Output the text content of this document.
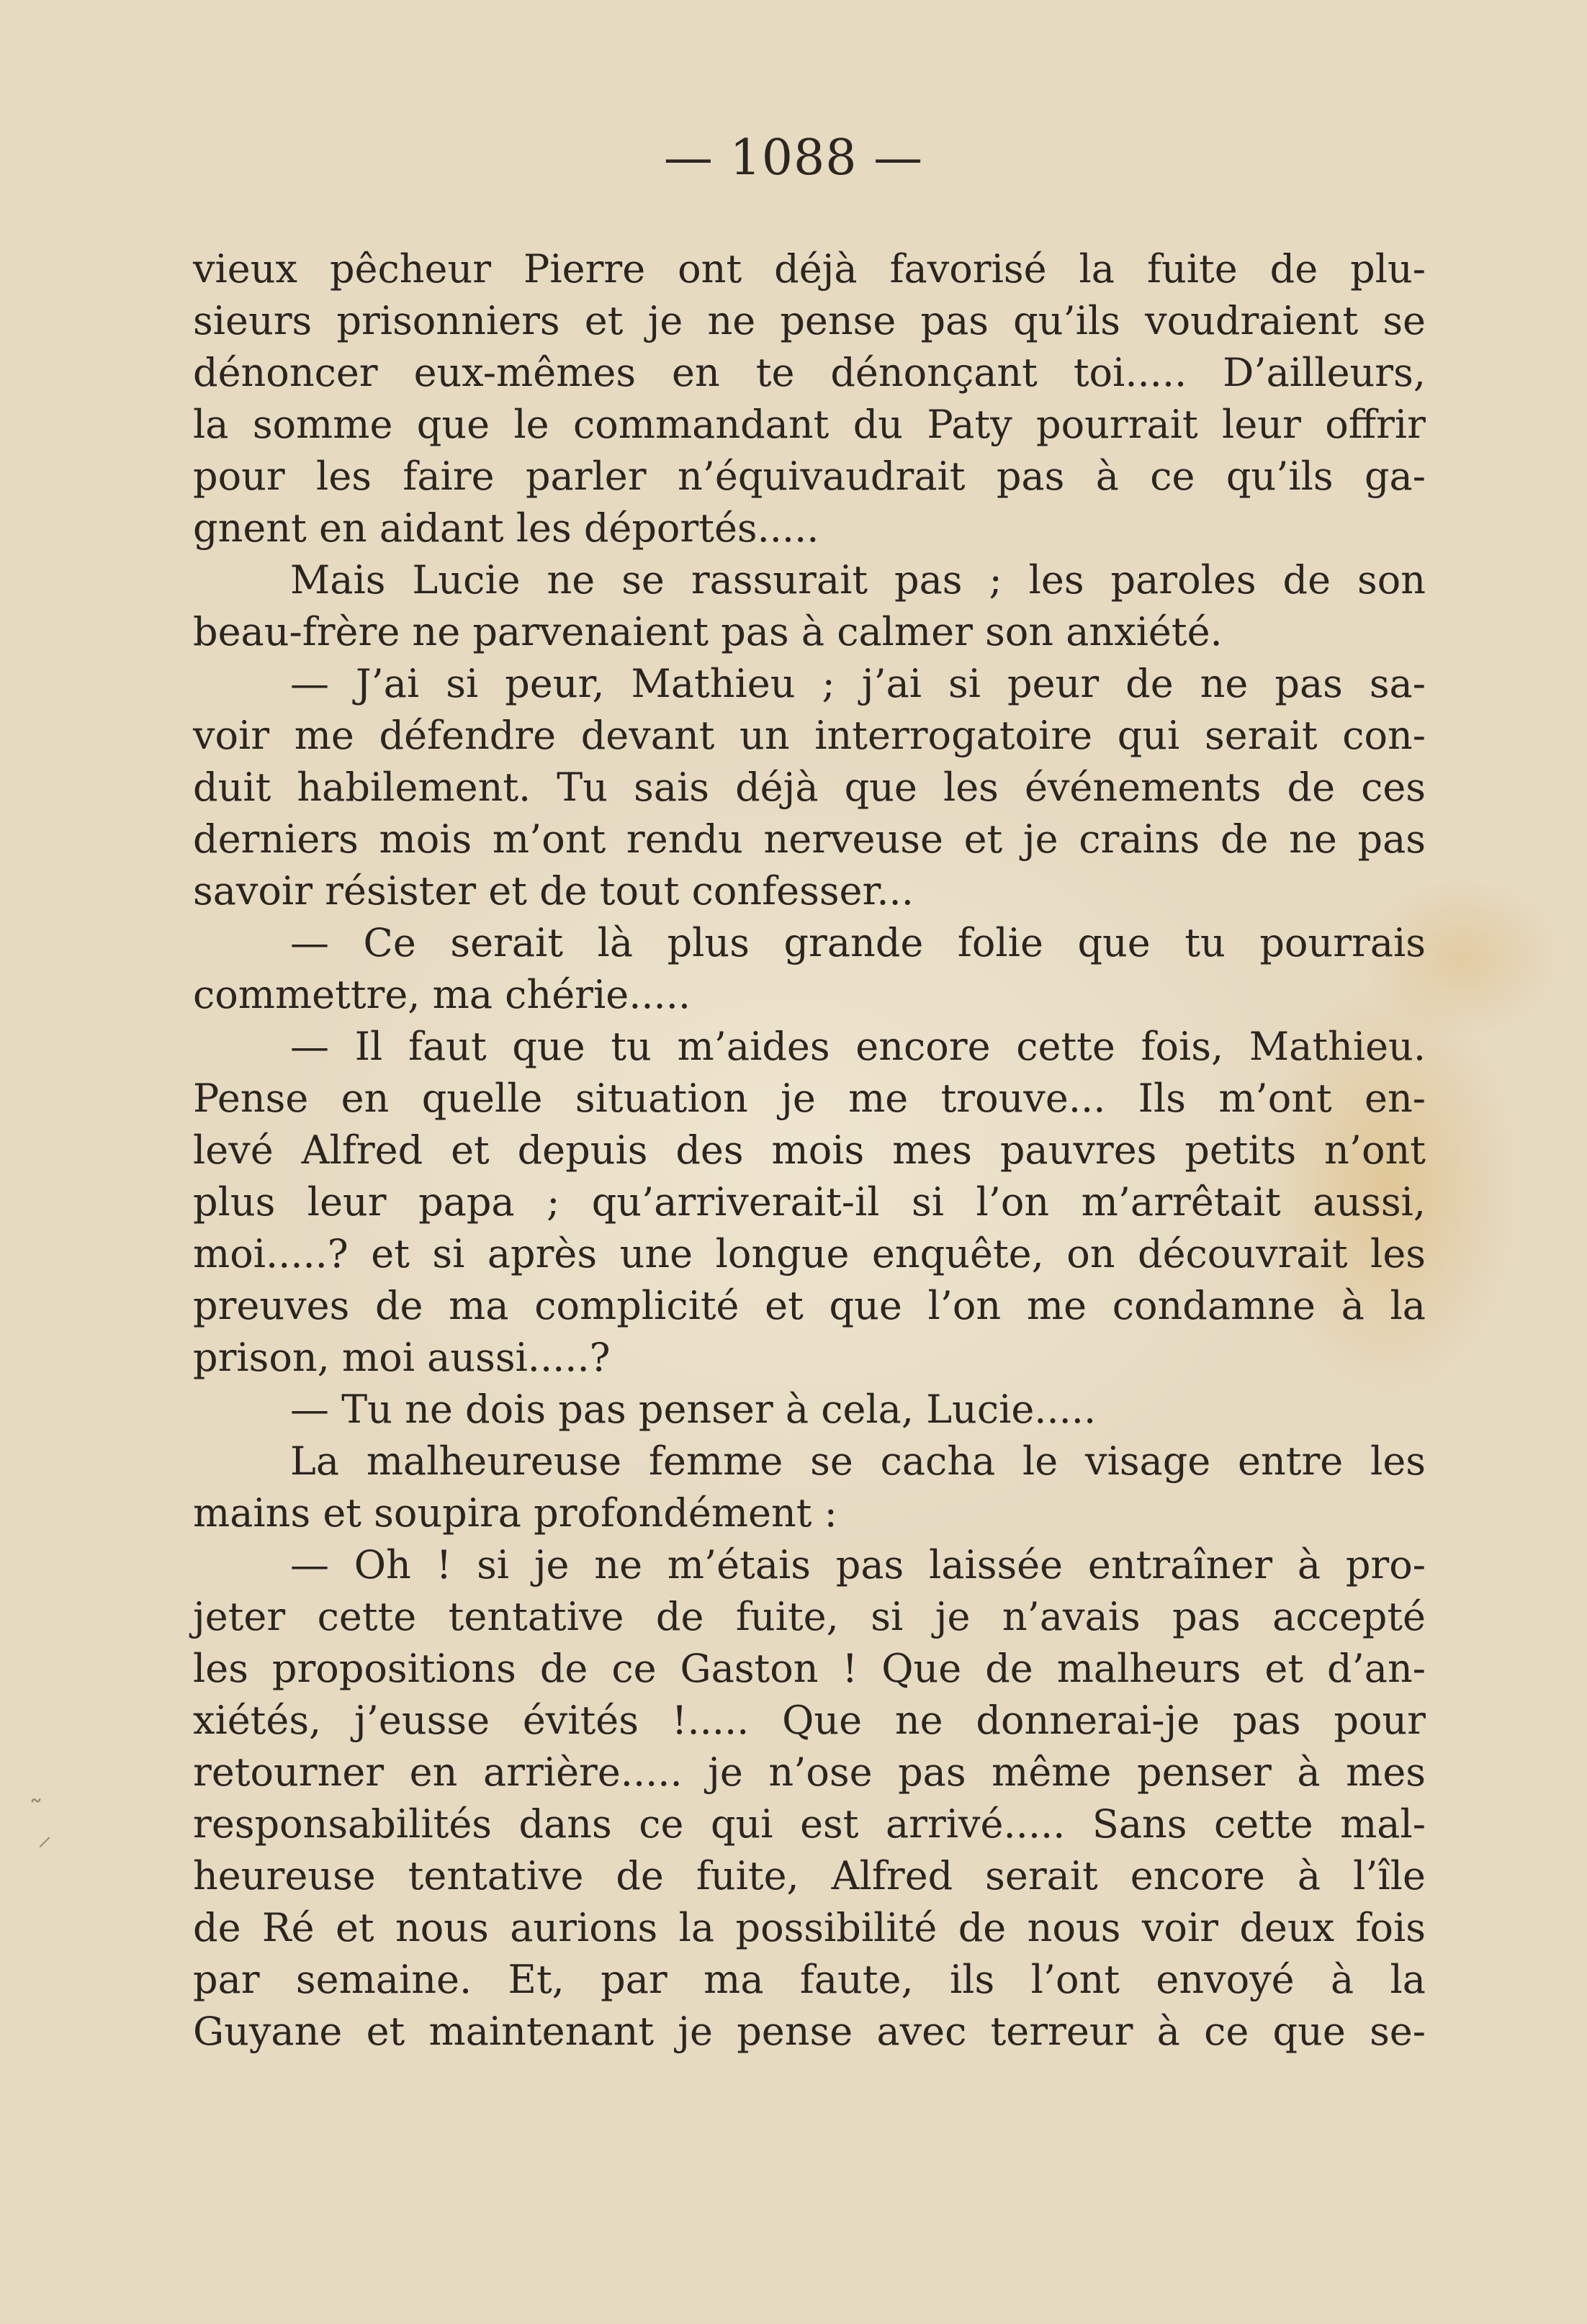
— 1088 —
vieux pêcheur Pierre ont déjà favorisé la fuite de plu-
sieurs prisonniers et je ne pense pas qu’ils voudraient se
dénoncer eux-mêmes en te dénonçant toi..... D’ailleurs,
la somme que le commandant du Paty pourrait leur offrir
pour les faire parler n’équivaudrait pas à ce qu’ils ga-
gnent en aidant les déportés.....
Mais Lucie ne se rassurait pas ; les paroles de son
beau-frère ne parvenaient pas à calmer son anxiété.
— J’ai si peur, Mathieu ; j’ai si peur de ne pas sa-
voir me défendre devant un interrogatoire qui serait con-
duit habilement. Tu sais déjà que les événements de ces
derniers mois m’ont rendu nerveuse et je crains de ne pas
savoir résister et de tout confesser...
— Ce serait là plus grande folie que tu pourrais
commettre, ma chérie.....
— Il faut que tu m’aides encore cette fois, Mathieu.
Pense en quelle situation je me trouve... Ils m’ont en-
levé Alfred et depuis des mois mes pauvres petits n’ont
plus leur papa ; qu’arriverait-il si l’on m’arrêtait aussi,
moi.....? et si après une longue enquête, on découvrait les
preuves de ma complicité et que l’on me condamne à la
prison, moi aussi.....?
— Tu ne dois pas penser à cela, Lucie.....
La malheureuse femme se cacha le visage entre les
mains et soupira profondément :
— Oh ! si je ne m’étais pas laissée entraîner à pro-
jeter cette tentative de fuite, si je n’avais pas accepté
les propositions de ce Gaston ! Que de malheurs et d’an-
xiétés, j’eusse évités !..... Que ne donnerai-je pas pour
retourner en arrière..... je n’ose pas même penser à mes
responsabilités dans ce qui est arrivé..... Sans cette mal-
heureuse tentative de fuite, Alfred serait encore à l’île
de Ré et nous aurions la possibilité de nous voir deux fois
par semaine. Et, par ma faute, ils l’ont envoyé à la
Guyane et maintenant je pense avec terreur à ce que se-
˷
⸝
